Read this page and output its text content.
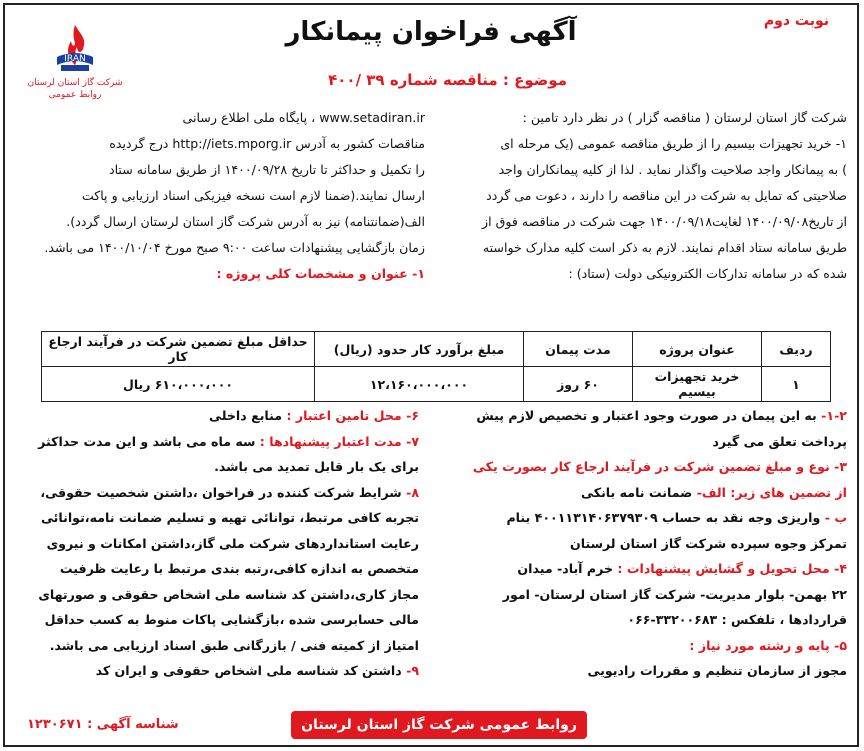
نوبت دوم
آگهی فراخوان پیمانکار
موضوع : مناقصه شماره ۳۹ /۴۰۰
IRAN
شرکت گاز استان لرستان
روابط عمومی
شرکت گاز استان لرستان ( مناقصه گزار ) در نظر دارد تامین :
۱- خرید تجهیزات بیسیم را از طریق مناقصه عمومی (یک مرحله ای
) به پیمانکار واجد صلاحیت واگذار نماید . لذا از کلیه پیمانکاران واجد
صلاحیتی که تمایل به شرکت در این مناقصه را دارند ، دعوت می گردد
از تاریخ۱۴۰۰/۰۹/۰۸ لغایت۱۴۰۰/۰۹/۱۸ جهت شرکت در مناقصه فوق از
طریق سامانه ستاد اقدام نمایند. لازم به ذکر است کلیه مدارک خواسته
شده که در سامانه تدارکات الکترونیکی دولت (ستاد) :
www.setadiran.ir ، پایگاه ملی اطلاع رسانی
مناقصات کشور به آدرس http://iets.mporg.ir درج گردیده
را تکمیل و حداکثر تا تاریخ ۱۴۰۰/۰۹/۲۸ از طریق سامانه ستاد
ارسال نمایند.(ضمنا لازم است نسخه فیزیکی اسناد ارزیابی و پاکت
الف(ضمانتنامه) نیز به آدرس شرکت گاز استان لرستان ارسال گردد).
زمان بازگشایی پیشنهادات ساعت ۹:۰۰ صبح مورخ ۱۴۰۰/۱۰/۰۴ می باشد.
۱- عنوان و مشخصات کلی پروژه :
ردیف	عنوان پروژه	مدت پیمان	مبلغ برآورد کار حدود (ریال)	حداقل مبلغ تضمین شرکت در فرآیند ارجاع کار
۱	خرید تجهیزات بیسیم	۶۰ روز	۱۲،۱۶۰،۰۰۰،۰۰۰	۶۱۰،۰۰۰،۰۰۰ ریال
۱-۲- به این پیمان در صورت وجود اعتبار و تخصیص لازم پیش
پرداخت تعلق می گیرد
۳- نوع و مبلغ تضمین شرکت در فرآیند ارجاع کار بصورت یکی
از تضمین های زیر: الف- ضمانت نامه بانکی
ب - واریزی وجه نقد به حساب ۴۰۰۱۱۳۱۴۰۶۳۷۹۳۰۹ بنام
تمرکز وجوه سپرده شرکت گاز استان لرستان
۴- محل تحویل و گشایش پیشنهادات : خرم آباد- میدان
۲۲ بهمن- بلوار مدیریت- شرکت گاز استان لرستان- امور
قراردادها ، تلفکس : ۳۳۲۰۰۶۸۳-۰۶۶
۵- پایه و رشته مورد نیاز :
مجوز از سازمان تنظیم و مقررات رادیویی
۶- محل تامین اعتبار : منابع داخلی
۷- مدت اعتبار پیشنهادها : سه ماه می باشد و این مدت حداکثر
برای یک بار قابل تمدید می باشد.
۸- شرایط شرکت کننده در فراخوان ،داشتن شخصیت حقوقی،
تجربه کافی مرتبط، توانائی تهیه و تسلیم ضمانت نامه،توانائی
رعایت استانداردهای شرکت ملی گاز،داشتن امکانات و نیروی
متخصص به اندازه کافی،رتبه بندی مرتبط با رعایت ظرفیت
مجاز کاری،داشتن کد شناسه ملی اشخاص حقوقی و صورتهای
مالی حسابرسی شده ،بازگشایی پاکات منوط به کسب حداقل
امتیاز از کمیته فنی / بازرگانی طبق اسناد ارزیابی می باشد.
۹- داشتن کد شناسه ملی اشخاص حقوقی و ایران کد
روابط عمومی شرکت گاز استان لرستان
شناسه آگهی : ۱۲۳۰۶۷۱
